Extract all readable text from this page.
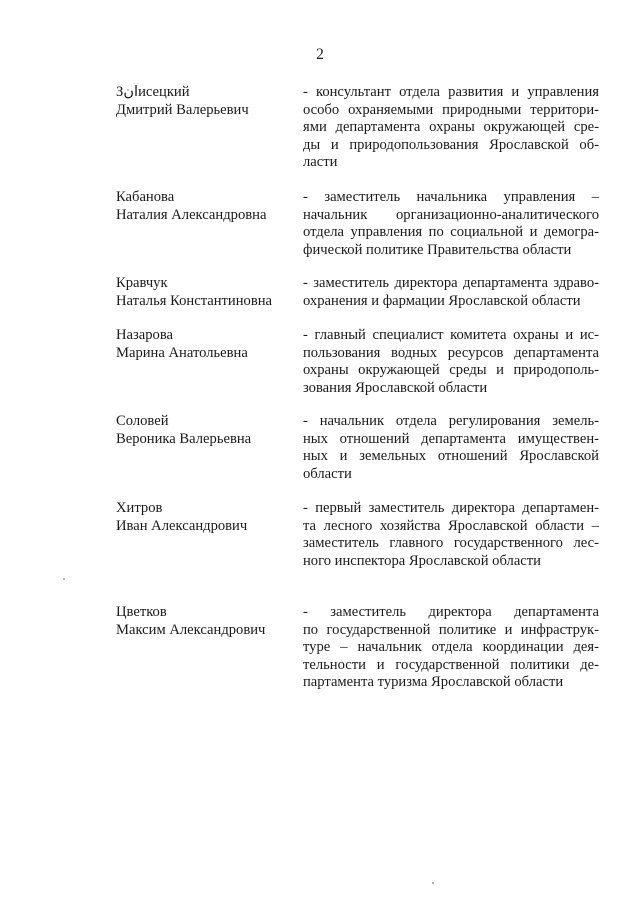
2
Зانисецкий
Дмитрий Валерьевич
- консультант отдела развития и управления
особо охраняемыми природными территори-
ями департамента охраны окружающей сре-
ды и природопользования Ярославской об-
ласти
Кабанова
Наталия Александровна
- заместитель начальника управления –
начальник организационно-аналитического
отдела управления по социальной и демогра-
фической политике Правительства области
Кравчук
Наталья Константиновна
- заместитель директора департамента здраво-
охранения и фармации Ярославской области
Назарова
Марина Анатольевна
- главный специалист комитета охраны и ис-
пользования водных ресурсов департамента
охраны окружающей среды и природополь-
зования Ярославской области
Соловей
Вероника Валерьевна
- начальник отдела регулирования земель-
ных отношений департамента имуществен-
ных и земельных отношений Ярославской
области
Хитров
Иван Александрович
- первый заместитель директора департамен-
та лесного хозяйства Ярославской области –
заместитель главного государственного лес-
ного инспектора Ярославской области
Цветков
Максим Александрович
- заместитель директора департамента
по государственной политике и инфраструк-
туре – начальник отдела координации дея-
тельности и государственной политики де-
партамента туризма Ярославской области
